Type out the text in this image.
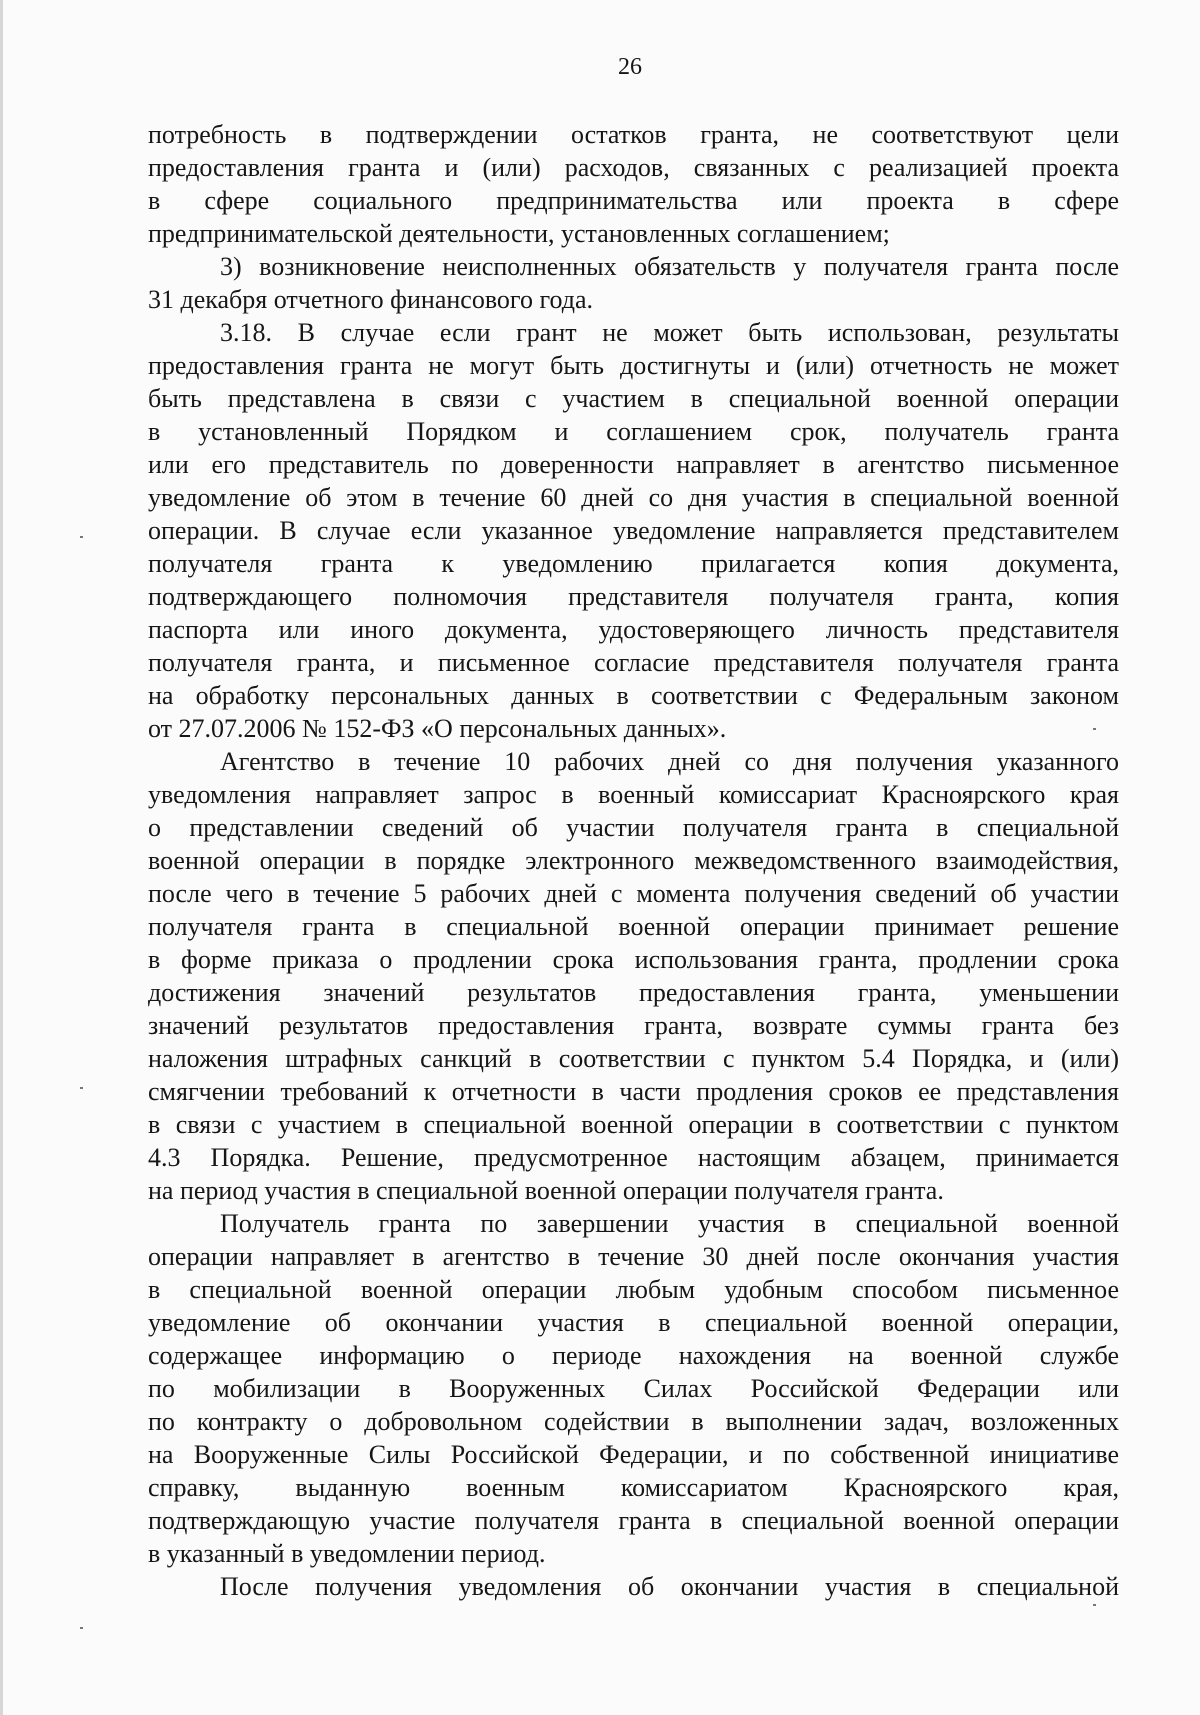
26
потребность в подтверждении остатков гранта, не соответствуют цели
предоставления гранта и (или) расходов, связанных с реализацией проекта
в сфере социального предпринимательства или проекта в сфере
предпринимательской деятельности, установленных соглашением;
3) возникновение неисполненных обязательств у получателя гранта после
31 декабря отчетного финансового года.
3.18. В случае если грант не может быть использован, результаты
предоставления гранта не могут быть достигнуты и (или) отчетность не может
быть представлена в связи с участием в специальной военной операции
в установленный Порядком и соглашением срок, получатель гранта
или его представитель по доверенности направляет в агентство письменное
уведомление об этом в течение 60 дней со дня участия в специальной военной
операции. В случае если указанное уведомление направляется представителем
получателя гранта к уведомлению прилагается копия документа,
подтверждающего полномочия представителя получателя гранта, копия
паспорта или иного документа, удостоверяющего личность представителя
получателя гранта, и письменное согласие представителя получателя гранта
на обработку персональных данных в соответствии с Федеральным законом
от 27.07.2006 № 152-ФЗ «О персональных данных».
Агентство в течение 10 рабочих дней со дня получения указанного
уведомления направляет запрос в военный комиссариат Красноярского края
о представлении сведений об участии получателя гранта в специальной
военной операции в порядке электронного межведомственного взаимодействия,
после чего в течение 5 рабочих дней с момента получения сведений об участии
получателя гранта в специальной военной операции принимает решение
в форме приказа о продлении срока использования гранта, продлении срока
достижения значений результатов предоставления гранта, уменьшении
значений результатов предоставления гранта, возврате суммы гранта без
наложения штрафных санкций в соответствии с пунктом 5.4 Порядка, и (или)
смягчении требований к отчетности в части продления сроков ее представления
в связи с участием в специальной военной операции в соответствии с пунктом
4.3 Порядка. Решение, предусмотренное настоящим абзацем, принимается
на период участия в специальной военной операции получателя гранта.
Получатель гранта по завершении участия в специальной военной
операции направляет в агентство в течение 30 дней после окончания участия
в специальной военной операции любым удобным способом письменное
уведомление об окончании участия в специальной военной операции,
содержащее информацию о периоде нахождения на военной службе
по мобилизации в Вооруженных Силах Российской Федерации или
по контракту о добровольном содействии в выполнении задач, возложенных
на Вооруженные Силы Российской Федерации, и по собственной инициативе
справку, выданную военным комиссариатом Красноярского края,
подтверждающую участие получателя гранта в специальной военной операции
в указанный в уведомлении период.
После получения уведомления об окончании участия в специальной
